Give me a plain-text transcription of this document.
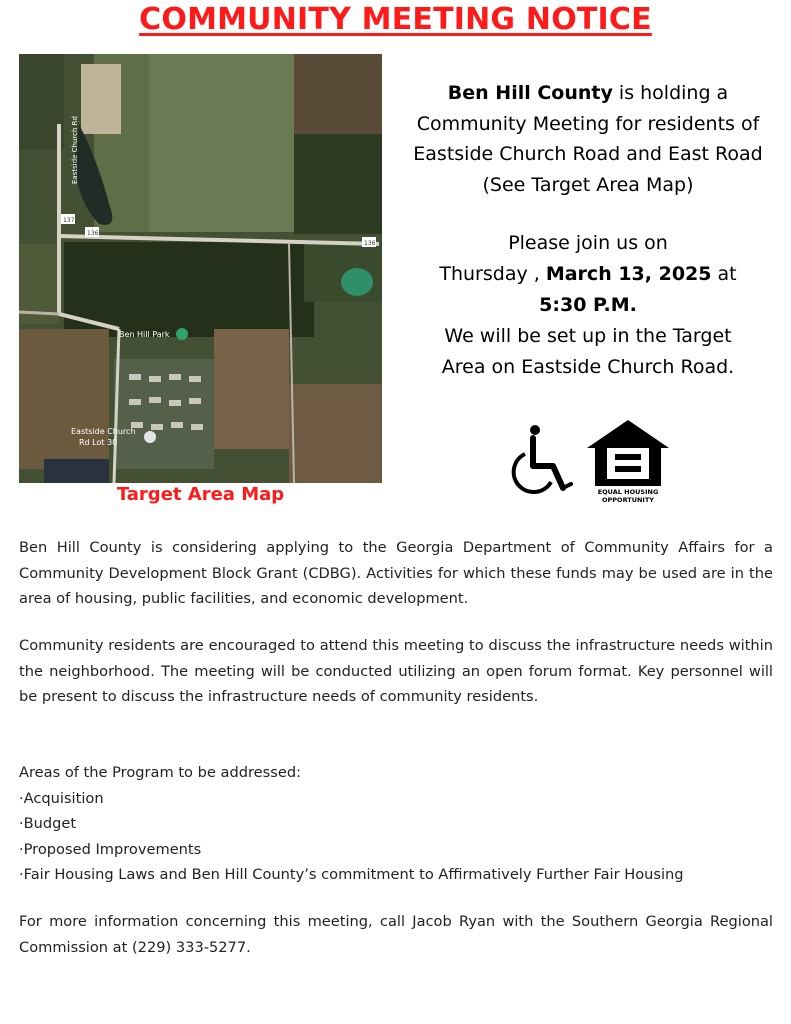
COMMUNITY MEETING NOTICE
Eastside Church Rd
Ben Hill Park
Eastside Church
Rd Lot 30
137
136
136
Target Area Map
Ben Hill County is holding a
Community Meeting for residents of
Eastside Church Road and East Road
(See Target Area Map)
Please join us on
Thursday , March 13, 2025 at
5:30 P.M.
We will be set up in the Target
Area on Eastside Church Road.
EQUAL HOUSING
OPPORTUNITY
Ben Hill County is considering applying to the Georgia Department of Community Affairs for a Community Development Block Grant (CDBG). Activities for which these funds may be used are in the area of housing, public facilities, and economic development.
Community residents are encouraged to attend this meeting to discuss the infrastructure needs within the neighborhood. The meeting will be conducted utilizing an open forum format. Key personnel will be present to discuss the infrastructure needs of community residents.
Areas of the Program to be addressed:
·Acquisition
·Budget
·Proposed Improvements
·Fair Housing Laws and Ben Hill County’s commitment to Affirmatively Further Fair Housing
For more information concerning this meeting, call Jacob Ryan with the Southern Georgia Regional Commission at (229) 333-5277.
